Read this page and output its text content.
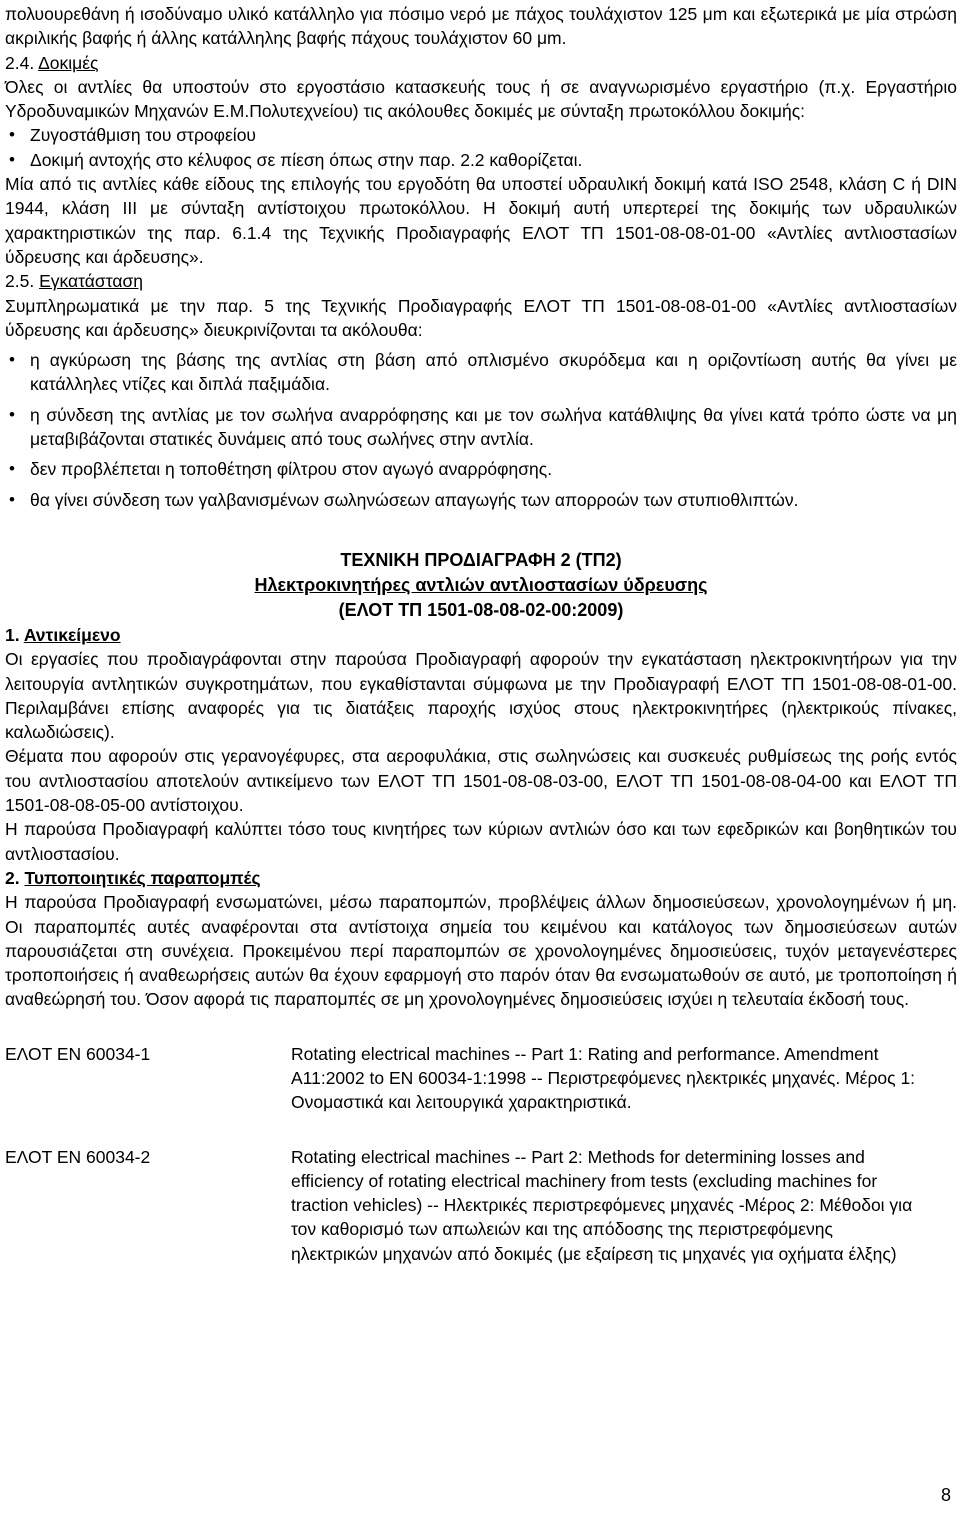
πολυουρεθάνη ή ισοδύναμο υλικό κατάλληλο για πόσιμο νερό με πάχος τουλάχιστον 125 μm και εξωτερικά με μία στρώση ακριλικής βαφής ή άλλης κατάλληλης βαφής πάχους τουλάχιστον 60 μm.

2.4. Δοκιμές

Όλες οι αντλίες θα υποστούν στο εργοστάσιο κατασκευής τους ή σε αναγνωρισμένο εργαστήριο (π.χ. Εργαστήριο Υδροδυναμικών Μηχανών Ε.Μ.Πολυτεχνείου) τις ακόλουθες δοκιμές με σύνταξη πρωτοκόλλου δοκιμής:

• Ζυγοστάθμιση του στροφείου
• Δοκιμή αντοχής στο κέλυφος σε πίεση όπως στην παρ. 2.2 καθορίζεται.

Μία από τις αντλίες κάθε είδους της επιλογής του εργοδότη θα υποστεί υδραυλική δοκιμή κατά ISO 2548, κλάση C ή DIN 1944, κλάση III με σύνταξη αντίστοιχου πρωτοκόλλου. Η δοκιμή αυτή υπερτερεί της δοκιμής των υδραυλικών χαρακτηριστικών της παρ. 6.1.4 της Τεχνικής Προδιαγραφής ΕΛΟΤ ΤΠ 1501-08-08-01-00 «Αντλίες αντλιοστασίων ύδρευσης και άρδευσης».

2.5. Εγκατάσταση

Συμπληρωματικά με την παρ. 5 της Τεχνικής Προδιαγραφής ΕΛΟΤ ΤΠ 1501-08-08-01-00 «Αντλίες αντλιοστασίων ύδρευσης και άρδευσης» διευκρινίζονται τα ακόλουθα:

• η αγκύρωση της βάσης της αντλίας στη βάση από οπλισμένο σκυρόδεμα και η οριζοντίωση αυτής θα γίνει με κατάλληλες ντίζες και διπλά παξιμάδια.
• η σύνδεση της αντλίας με τον σωλήνα αναρρόφησης και με τον σωλήνα κατάθλιψης θα γίνει κατά τρόπο ώστε να μη μεταβιβάζονται στατικές δυνάμεις από τους σωλήνες στην αντλία.
• δεν προβλέπεται η τοποθέτηση φίλτρου στον αγωγό αναρρόφησης.
• θα γίνει σύνδεση των γαλβανισμένων σωληνώσεων απαγωγής των απορροών των στυπιοθλιπτών.
ΤΕΧΝΙΚΗ ΠΡΟΔΙΑΓΡΑΦΗ 2 (ΤΠ2)
Ηλεκτροκινητήρες αντλιών αντλιοστασίων ύδρευσης
(ΕΛΟΤ ΤΠ 1501-08-08-02-00:2009)

1. Αντικείμενο

Οι εργασίες που προδιαγράφονται στην παρούσα Προδιαγραφή αφορούν την εγκατάσταση ηλεκτροκινητήρων για την λειτουργία αντλητικών συγκροτημάτων, που εγκαθίστανται σύμφωνα με την Προδιαγραφή ΕΛΟΤ ΤΠ 1501-08-08-01-00. Περιλαμβάνει επίσης αναφορές για τις διατάξεις παροχής ισχύος στους ηλεκτροκινητήρες (ηλεκτρικούς πίνακες, καλωδιώσεις).

Θέματα που αφορούν στις γερανογέφυρες, στα αεροφυλάκια, στις σωληνώσεις και συσκευές ρυθμίσεως της ροής εντός του αντλιοστασίου αποτελούν αντικείμενο των ΕΛΟΤ ΤΠ 1501-08-08-03-00, ΕΛΟΤ ΤΠ 1501-08-08-04-00 και ΕΛΟΤ ΤΠ 1501-08-08-05-00 αντίστοιχου.

Η παρούσα Προδιαγραφή καλύπτει τόσο τους κινητήρες των κύριων αντλιών όσο και των εφεδρικών και βοηθητικών του αντλιοστασίου.

2. Τυποποιητικές παραπομπές

Η παρούσα Προδιαγραφή ενσωματώνει, μέσω παραπομπών, προβλέψεις άλλων δημοσιεύσεων, χρονολογημένων ή μη. Οι παραπομπές αυτές αναφέρονται στα αντίστοιχα σημεία του κειμένου και κατάλογος των δημοσιεύσεων αυτών παρουσιάζεται στη συνέχεια. Προκειμένου περί παραπομπών σε χρονολογημένες δημοσιεύσεις, τυχόν μεταγενέστερες τροποποιήσεις ή αναθεωρήσεις αυτών θα έχουν εφαρμογή στο παρόν όταν θα ενσωματωθούν σε αυτό, με τροποποίηση ή αναθεώρησή του. Όσον αφορά τις παραπομπές σε μη χρονολογημένες δημοσιεύσεις ισχύει η τελευταία έκδοσή τους.

ΕΛΟΤ ΕΝ 60034-1	Rotating electrical machines -- Part 1: Rating and performance. Amendment A11:2002 to EN 60034-1:1998 -- Περιστρεφόμενες ηλεκτρικές μηχανές. Μέρος 1: Ονομαστικά και λειτουργικά χαρακτηριστικά.
ΕΛΟΤ ΕΝ 60034-2	Rotating electrical machines -- Part 2: Methods for determining losses and efficiency of rotating electrical machinery from tests (excluding machines for traction vehicles) -- Ηλεκτρικές περιστρεφόμενες μηχανές -Μέρος 2: Μέθοδοι για τον καθορισμό των απωλειών και της απόδοσης της περιστρεφόμενης ηλεκτρικών μηχανών από δοκιμές (με εξαίρεση τις μηχανές για οχήματα έλξης)
8
